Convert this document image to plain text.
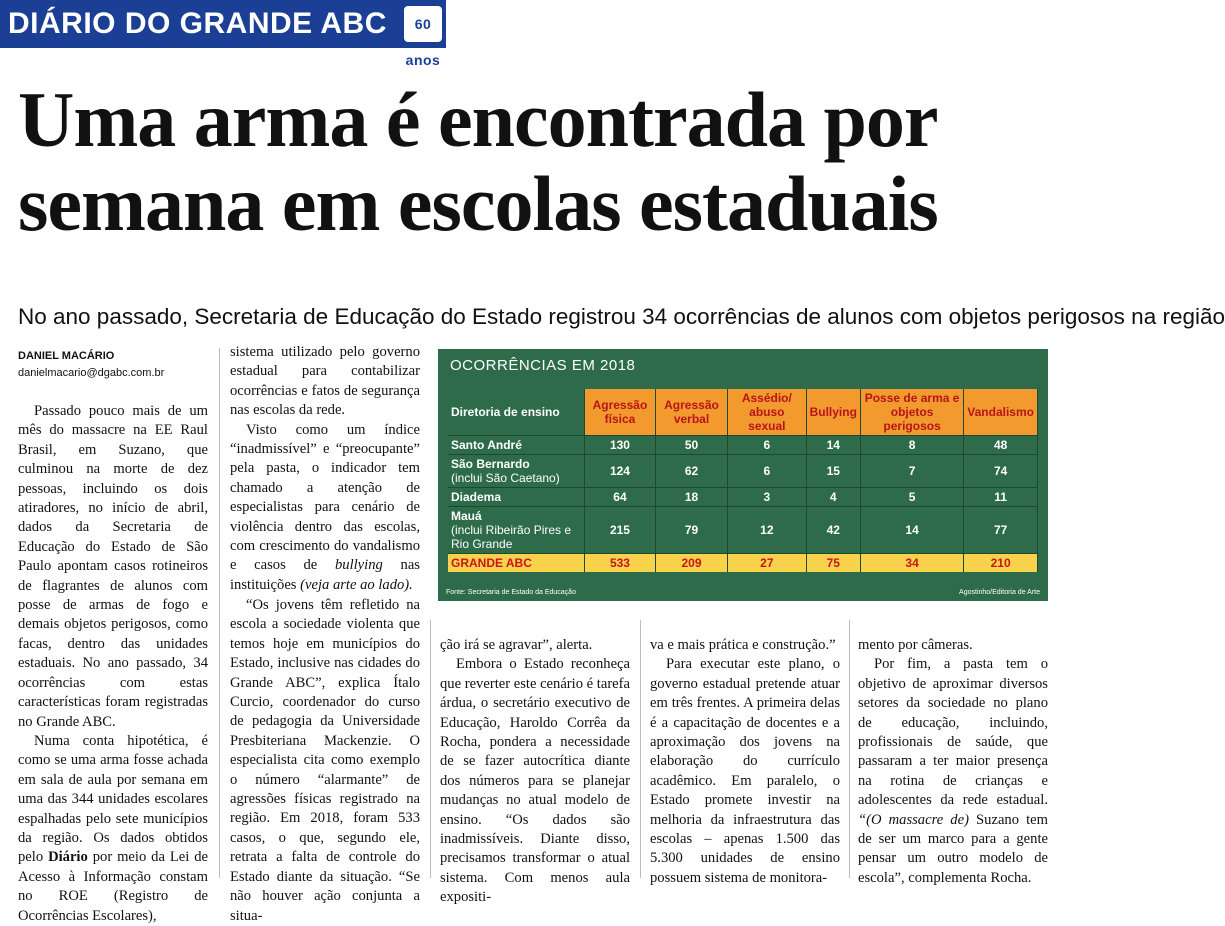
DIÁRIO DO GRANDE ABC	60 anos
Uma arma é encontrada por semana em escolas estaduais
No ano passado, Secretaria de Educação do Estado registrou 34 ocorrências de alunos com objetos perigosos na região
DANIEL MACÁRIO
danielmacario@dgabc.com.br

Passado pouco mais de um mês do massacre na EE Raul Brasil, em Suzano, que culminou na morte de dez pessoas, incluindo os dois atiradores, no início de abril, dados da Secretaria de Educação do Estado de São Paulo apontam casos rotineiros de flagrantes de alunos com posse de armas de fogo e demais objetos perigosos, como facas, dentro das unidades estaduais. No ano passado, 34 ocorrências com estas características foram registradas no Grande ABC.

Numa conta hipotética, é como se uma arma fosse achada em sala de aula por semana em uma das 344 unidades escolares espalhadas pelo sete municípios da região. Os dados obtidos pelo Diário por meio da Lei de Acesso à Informação constam no ROE (Registro de Ocorrências Escolares),

sistema utilizado pelo governo estadual para contabilizar ocorrências e fatos de segurança nas escolas da rede.

Visto como um índice “inadmissível” e “preocupante” pela pasta, o indicador tem chamado a atenção de especialistas para cenário de violência dentro das escolas, com crescimento do vandalismo e casos de bullying nas instituições (veja arte ao lado).

“Os jovens têm refletido na escola a sociedade violenta que temos hoje em municípios do Estado, inclusive nas cidades do Grande ABC”, explica Ítalo Curcio, coordenador do curso de pedagogia da Universidade Presbiteriana Mackenzie. O especialista cita como exemplo o número “alarmante” de agressões físicas registrado na região. Em 2018, foram 533 casos, o que, segundo ele, retrata a falta de controle do Estado diante da situação. “Se não houver ação conjunta a situa-

ção irá se agravar”, alerta.

Embora o Estado reconheça que reverter este cenário é tarefa árdua, o secretário executivo de Educação, Haroldo Corrêa da Rocha, pondera a necessidade de se fazer autocrítica diante dos números para se planejar mudanças no atual modelo de ensino. “Os dados são inadmissíveis. Diante disso, precisamos transformar o atual sistema. Com menos aula expositi-

va e mais prática e construção.”

Para executar este plano, o governo estadual pretende atuar em três frentes. A primeira delas é a capacitação de docentes e a aproximação dos jovens na elaboração do currículo acadêmico. Em paralelo, o Estado promete investir na melhoria da infraestrutura das escolas – apenas 1.500 das 5.300 unidades de ensino possuem sistema de monitora-

mento por câmeras.

Por fim, a pasta tem o objetivo de aproximar diversos setores da sociedade no plano de educação, incluindo, profissionais de saúde, que passaram a ter maior presença na rotina de crianças e adolescentes da rede estadual. “(O massacre de) Suzano tem de ser um marco para a gente pensar um outro modelo de escola”, complementa Rocha.

OCORRÊNCIAS EM 2018
Diretoria de ensino	Agressão física	Agressão verbal	Assédio/ abuso sexual	Bullying	Posse de arma e objetos perigosos	Vandalismo

Santo André	130	50	6	14	8	48

São Bernardo
(inclui São Caetano)	124	62	6	15	7	74

Diadema	64	18	3	4	5	11

Mauá
(inclui Ribeirão Pires e Rio Grande	215	79	12	42	14	77
GRANDE ABC	533	209	27	75	34	210
Fonte: Secretaria de Estado da Educação	Agostinho/Editoria de Arte
